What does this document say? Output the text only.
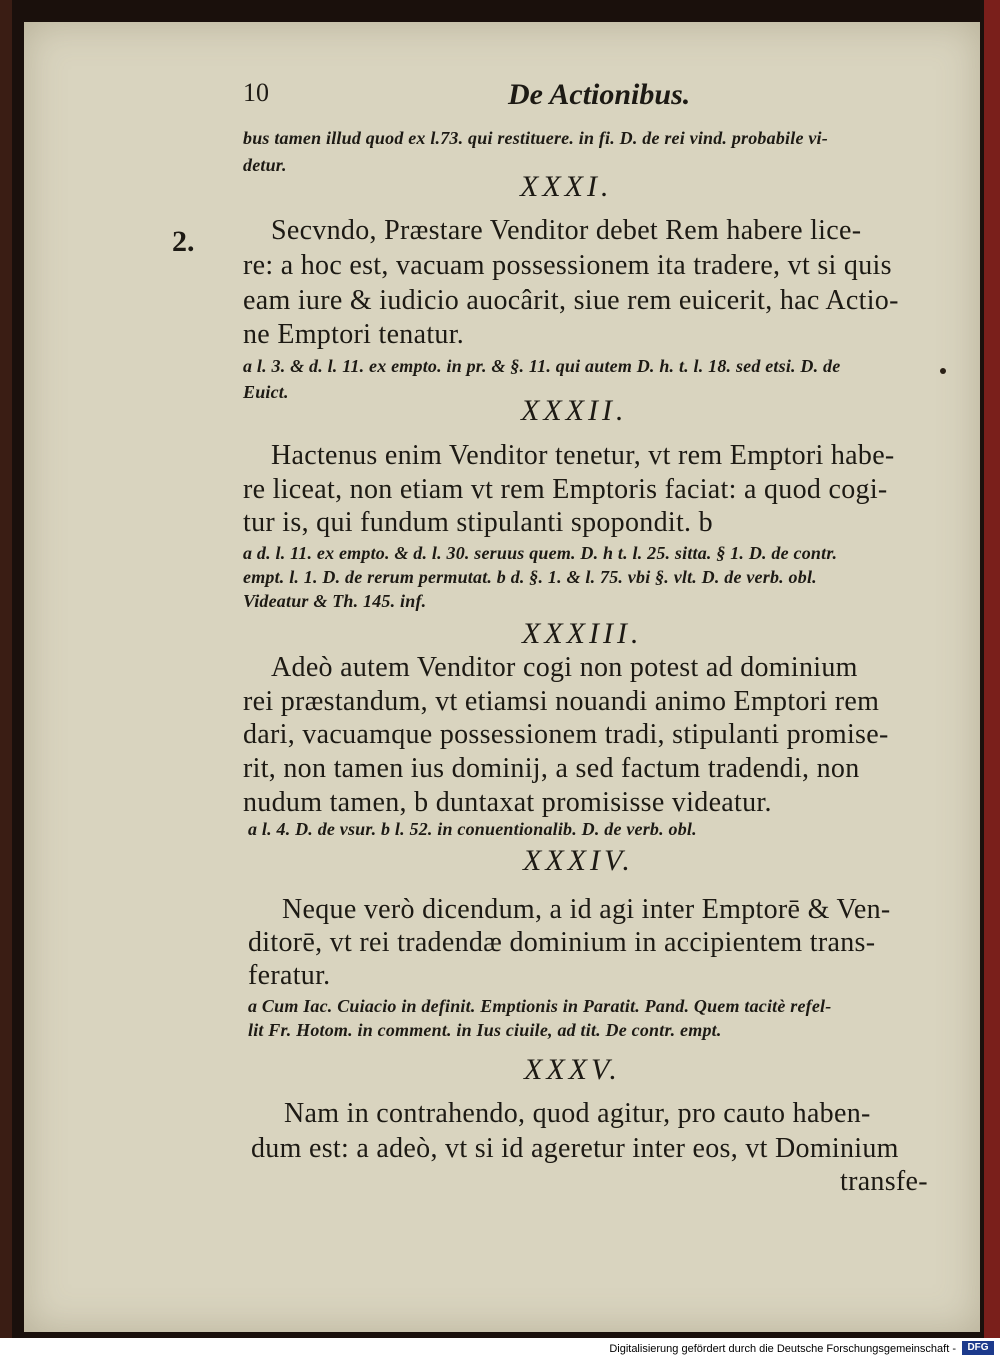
10	De Actionibus.
2.
bus tamen illud quod ex l.73. qui restituere. in fi. D. de rei vind. probabile vi-
detur.
XXXI.
Secvndo, Præstare Venditor debet Rem habere lice-
re: a hoc est, vacuam possessionem ita tradere, vt si quis
eam iure & iudicio auocârit, siue rem euicerit, hac Actio-
ne Emptori tenatur.
a l. 3. & d. l. 11. ex empto. in pr. & §. 11. qui autem D. h. t. l. 18. sed etsi. D. de
Euict.
XXXII.
Hactenus enim Venditor tenetur, vt rem Emptori habe-
re liceat, non etiam vt rem Emptoris faciat: a quod cogi-
tur is, qui fundum stipulanti spopondit. b
a d. l. 11. ex empto. & d. l. 30. seruus quem. D. h t. l. 25. sitta. § 1. D. de contr.
empt. l. 1. D. de rerum permutat. b d. §. 1. & l. 75. vbi §. vlt. D. de verb. obl.
Videatur & Th. 145. inf.
XXXIII.
Adeò autem Venditor cogi non potest ad dominium
rei præstandum, vt etiamsi nouandi animo Emptori rem
dari, vacuamque possessionem tradi, stipulanti promise-
rit, non tamen ius dominij, a sed factum tradendi, non
nudum tamen, b duntaxat promisisse videatur.
a l. 4. D. de vsur. b l. 52. in conuentionalib. D. de verb. obl.
XXXIV.
Neque verò dicendum, a id agi inter Emptorē & Ven-
ditorē, vt rei tradendæ dominium in accipientem trans-
feratur.
a Cum Iac. Cuiacio in definit. Emptionis in Paratit. Pand. Quem tacitè refel-
lit Fr. Hotom. in comment. in Ius ciuile, ad tit. De contr. empt.
XXXV.
Nam in contrahendo, quod agitur, pro cauto haben-
dum est: a adeò, vt si id ageretur inter eos, vt Dominium
transfe-
Digitalisierung gefördert durch die Deutsche Forschungsgemeinschaft -	DFG
